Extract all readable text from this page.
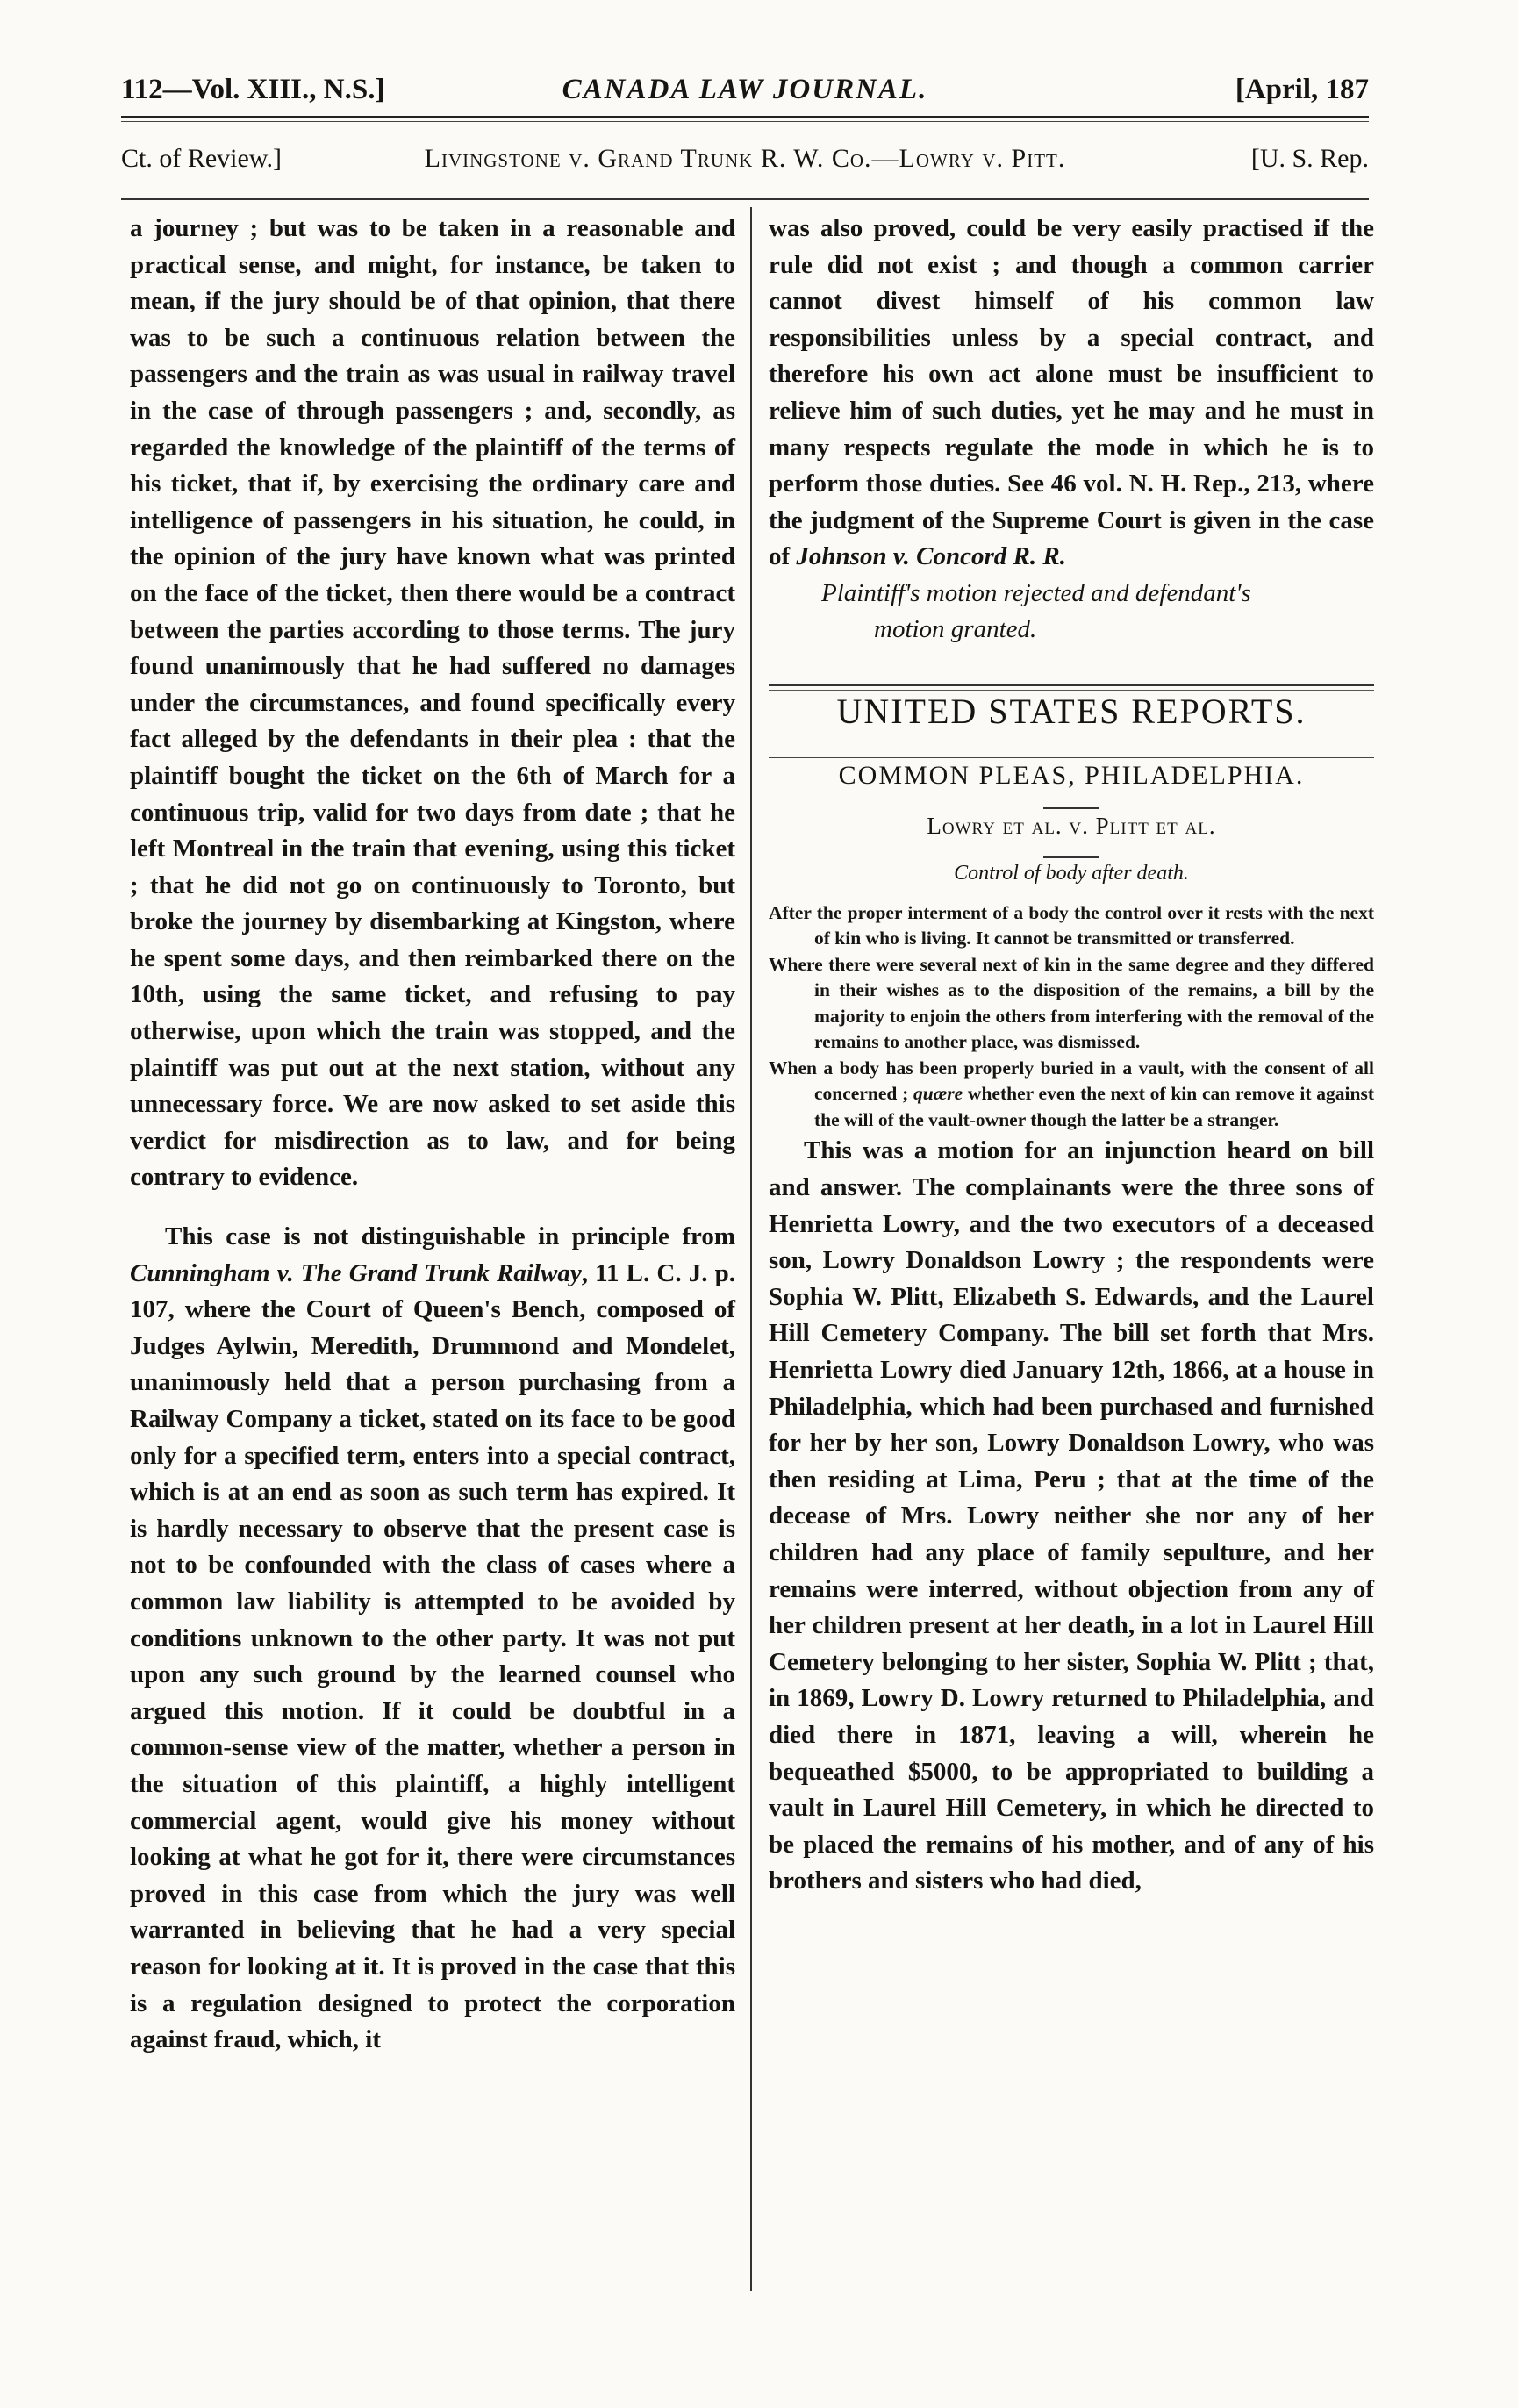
112—Vol. XIII., N.S.]	CANADA LAW JOURNAL.	[April, 187
Ct. of Review.]	Livingstone v. Grand Trunk R. W. Co.—Lowry v. Pitt.	[U. S. Rep.

a journey ; but was to be taken in a reasonable and practical sense, and might, for instance, be taken to mean, if the jury should be of that opinion, that there was to be such a continuous relation between the passengers and the train as was usual in railway travel in the case of through passengers ; and, secondly, as regarded the knowledge of the plaintiff of the terms of his ticket, that if, by exercising the ordinary care and intelligence of passengers in his situation, he could, in the opinion of the jury have known what was printed on the face of the ticket, then there would be a contract between the parties according to those terms. The jury found unanimously that he had suffered no damages under the circumstances, and found specifically every fact alleged by the defendants in their plea : that the plaintiff bought the ticket on the 6th of March for a continuous trip, valid for two days from date ; that he left Montreal in the train that evening, using this ticket ; that he did not go on continuously to Toronto, but broke the journey by disembarking at Kingston, where he spent some days, and then reimbarked there on the 10th, using the same ticket, and refusing to pay otherwise, upon which the train was stopped, and the plaintiff was put out at the next station, without any unnecessary force. We are now asked to set aside this verdict for misdirection as to law, and for being contrary to evidence.

This case is not distinguishable in principle from Cunningham v. The Grand Trunk Railway, 11 L. C. J. p. 107, where the Court of Queen's Bench, composed of Judges Aylwin, Meredith, Drummond and Mondelet, unanimously held that a person purchasing from a Railway Company a ticket, stated on its face to be good only for a specified term, enters into a special contract, which is at an end as soon as such term has expired. It is hardly necessary to observe that the present case is not to be confounded with the class of cases where a common law liability is attempted to be avoided by conditions unknown to the other party. It was not put upon any such ground by the learned counsel who argued this motion. If it could be doubtful in a common-sense view of the matter, whether a person in the situation of this plaintiff, a highly intelligent commercial agent, would give his money without looking at what he got for it, there were circumstances proved in this case from which the jury was well warranted in believing that he had a very special reason for looking at it. It is proved in the case that this is a regulation designed to protect the corporation against fraud, which, it

was also proved, could be very easily practised if the rule did not exist ; and though a common carrier cannot divest himself of his common law responsibilities unless by a special contract, and therefore his own act alone must be insufficient to relieve him of such duties, yet he may and he must in many respects regulate the mode in which he is to perform those duties. See 46 vol. N. H. Rep., 213, where the judgment of the Supreme Court is given in the case of Johnson v. Concord R. R.

Plaintiff's motion rejected and defendant's

motion granted.

UNITED STATES REPORTS.

COMMON PLEAS, PHILADELPHIA.

Lowry et al. v. Plitt et al.

Control of body after death.

After the proper interment of a body the control over it rests with the next of kin who is living. It cannot be transmitted or transferred.

Where there were several next of kin in the same degree and they differed in their wishes as to the disposition of the remains, a bill by the majority to enjoin the others from interfering with the removal of the remains to another place, was dismissed.

When a body has been properly buried in a vault, with the consent of all concerned ; quære whether even the next of kin can remove it against the will of the vault-owner though the latter be a stranger.

This was a motion for an injunction heard on bill and answer. The complainants were the three sons of Henrietta Lowry, and the two executors of a deceased son, Lowry Donaldson Lowry ; the respondents were Sophia W. Plitt, Elizabeth S. Edwards, and the Laurel Hill Cemetery Company. The bill set forth that Mrs. Henrietta Lowry died January 12th, 1866, at a house in Philadelphia, which had been purchased and furnished for her by her son, Lowry Donaldson Lowry, who was then residing at Lima, Peru ; that at the time of the decease of Mrs. Lowry neither she nor any of her children had any place of family sepulture, and her remains were interred, without objection from any of her children present at her death, in a lot in Laurel Hill Cemetery belonging to her sister, Sophia W. Plitt ; that, in 1869, Lowry D. Lowry returned to Philadelphia, and died there in 1871, leaving a will, wherein he bequeathed $5000, to be appropriated to building a vault in Laurel Hill Cemetery, in which he directed to be placed the remains of his mother, and of any of his brothers and sisters who had died,
